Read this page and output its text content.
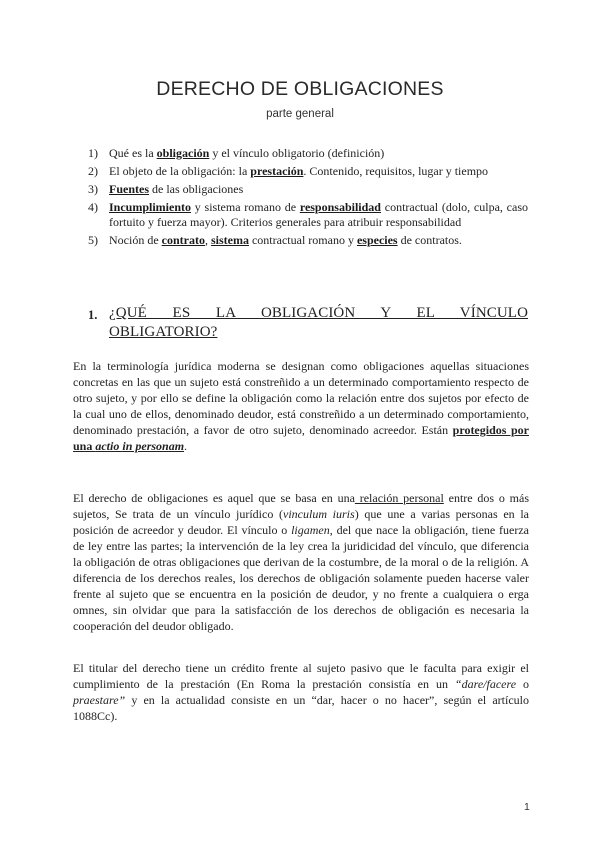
DERECHO DE OBLIGACIONES
parte general
1) Qué es la obligación y el vínculo obligatorio (definición)
2) El objeto de la obligación: la prestación. Contenido, requisitos, lugar y tiempo
3) Fuentes de las obligaciones
4) Incumplimiento y sistema romano de responsabilidad contractual (dolo, culpa, caso fortuito y fuerza mayor). Criterios generales para atribuir responsabilidad
5) Noción de contrato, sistema contractual romano y especies de contratos.
1. ¿QUÉ ES LA OBLIGACIÓN Y EL VÍNCULO
OBLIGATORIO?

En la terminología jurídica moderna se designan como obligaciones aquellas situaciones concretas en las que un sujeto está constreñido a un determinado comportamiento respecto de otro sujeto, y por ello se define la obligación como la relación entre dos sujetos por efecto de la cual uno de ellos, denominado deudor, está constreñido a un determinado comportamiento, denominado prestación, a favor de otro sujeto, denominado acreedor. Están protegidos por una actio in personam.

El derecho de obligaciones es aquel que se basa en una relación personal entre dos o más sujetos, Se trata de un vínculo jurídico (vinculum iuris) que une a varias personas en la posición de acreedor y deudor. El vínculo o ligamen, del que nace la obligación, tiene fuerza de ley entre las partes; la intervención de la ley crea la juridicidad del vínculo, que diferencia la obligación de otras obligaciones que derivan de la costumbre, de la moral o de la religión. A diferencia de los derechos reales, los derechos de obligación solamente pueden hacerse valer frente al sujeto que se encuentra en la posición de deudor, y no frente a cualquiera o erga omnes, sin olvidar que para la satisfacción de los derechos de obligación es necesaria la cooperación del deudor obligado.

El titular del derecho tiene un crédito frente al sujeto pasivo que le faculta para exigir el cumplimiento de la prestación (En Roma la prestación consistía en un “dare/facere o praestare” y en la actualidad consiste en un “dar, hacer o no hacer”, según el artículo 1088Cc).

1
